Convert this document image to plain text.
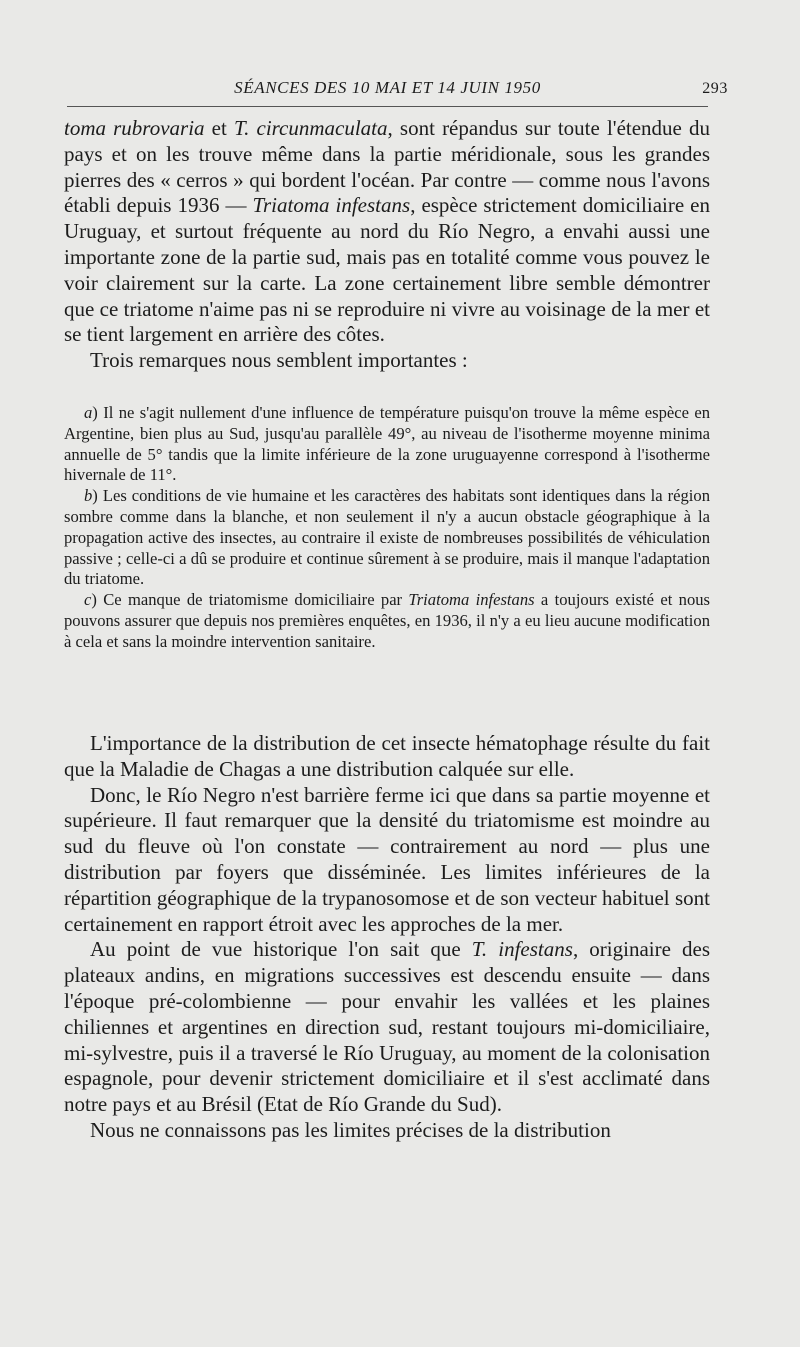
SÉANCES DES 10 MAI ET 14 JUIN 1950	293

toma rubrovaria et T. circunmaculata, sont répandus sur toute l'étendue du pays et on les trouve même dans la partie méridionale, sous les grandes pierres des « cerros » qui bordent l'océan. Par contre — comme nous l'avons établi depuis 1936 — Triatoma infestans, espèce strictement domiciliaire en Uruguay, et surtout fréquente au nord du Río Negro, a envahi aussi une importante zone de la partie sud, mais pas en totalité comme vous pouvez le voir clairement sur la carte. La zone certainement libre semble démontrer que ce triatome n'aime pas ni se reproduire ni vivre au voisinage de la mer et se tient largement en arrière des côtes.

Trois remarques nous semblent importantes :

a) Il ne s'agit nullement d'une influence de température puisqu'on trouve la même espèce en Argentine, bien plus au Sud, jusqu'au parallèle 49°, au niveau de l'isotherme moyenne minima annuelle de 5° tandis que la limite inférieure de la zone uruguayenne correspond à l'isotherme hivernale de 11°.

b) Les conditions de vie humaine et les caractères des habitats sont identiques dans la région sombre comme dans la blanche, et non seulement il n'y a aucun obstacle géographique à la propagation active des insectes, au contraire il existe de nombreuses possibilités de véhiculation passive ; celle-ci a dû se produire et continue sûrement à se produire, mais il manque l'adaptation du triatome.

c) Ce manque de triatomisme domiciliaire par Triatoma infestans a toujours existé et nous pouvons assurer que depuis nos premières enquêtes, en 1936, il n'y a eu lieu aucune modification à cela et sans la moindre intervention sanitaire.

L'importance de la distribution de cet insecte hématophage résulte du fait que la Maladie de Chagas a une distribution calquée sur elle.

Donc, le Río Negro n'est barrière ferme ici que dans sa partie moyenne et supérieure. Il faut remarquer que la densité du triatomisme est moindre au sud du fleuve où l'on constate — contrairement au nord — plus une distribution par foyers que disséminée. Les limites inférieures de la répartition géographique de la trypanosomose et de son vecteur habituel sont certainement en rapport étroit avec les approches de la mer.

Au point de vue historique l'on sait que T. infestans, originaire des plateaux andins, en migrations successives est descendu ensuite — dans l'époque pré-colombienne — pour envahir les vallées et les plaines chiliennes et argentines en direction sud, restant toujours mi-domiciliaire, mi-sylvestre, puis il a traversé le Río Uruguay, au moment de la colonisation espagnole, pour devenir strictement domiciliaire et il s'est acclimaté dans notre pays et au Brésil (Etat de Río Grande du Sud).

Nous ne connaissons pas les limites précises de la distribution
